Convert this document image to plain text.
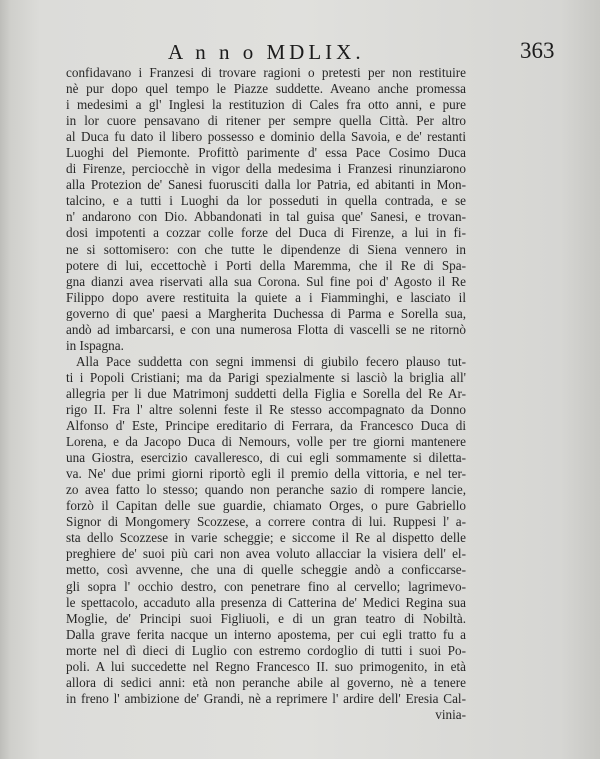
A n n o MDLIX.	363
confidavano i Franzesi di trovare ragioni o pretesti per non restituire
nè pur dopo quel tempo le Piazze suddette. Aveano anche promessa
i medesimi a gl' Inglesi la restituzion di Cales fra otto anni, e pure
in lor cuore pensavano di ritener per sempre quella Città. Per altro
al Duca fu dato il libero possesso e dominio della Savoia, e de' restanti
Luoghi del Piemonte. Profittò parimente d' essa Pace Cosimo Duca
di Firenze, perciocchè in vigor della medesima i Franzesi rinunziarono
alla Protezion de' Sanesi fuorusciti dalla lor Patria, ed abitanti in Mon-
talcino, e a tutti i Luoghi da lor posseduti in quella contrada, e se
n' andarono con Dio. Abbandonati in tal guisa que' Sanesi, e trovan-
dosi impotenti a cozzar colle forze del Duca di Firenze, a lui in fi-
ne si sottomisero: con che tutte le dipendenze di Siena vennero in
potere di lui, eccettochè i Porti della Maremma, che il Re di Spa-
gna dianzi avea riservati alla sua Corona. Sul fine poi d' Agosto il Re
Filippo dopo avere restituita la quiete a i Fiamminghi, e lasciato il
governo di que' paesi a Margherita Duchessa di Parma e Sorella sua,
andò ad imbarcarsi, e con una numerosa Flotta di vascelli se ne ritornò
in Ispagna.
Alla Pace suddetta con segni immensi di giubilo fecero plauso tut-
ti i Popoli Cristiani; ma da Parigi spezialmente si lasciò la briglia all'
allegria per li due Matrimonj suddetti della Figlia e Sorella del Re Ar-
rigo II. Fra l' altre solenni feste il Re stesso accompagnato da Donno
Alfonso d' Este, Principe ereditario di Ferrara, da Francesco Duca di
Lorena, e da Jacopo Duca di Nemours, volle per tre giorni mantenere
una Giostra, esercizio cavalleresco, di cui egli sommamente si diletta-
va. Ne' due primi giorni riportò egli il premio della vittoria, e nel ter-
zo avea fatto lo stesso; quando non peranche sazio di rompere lancie,
forzò il Capitan delle sue guardie, chiamato Orges, o pure Gabriello
Signor di Mongomery Scozzese, a correre contra di lui. Ruppesi l' a-
sta dello Scozzese in varie scheggie; e siccome il Re al dispetto delle
preghiere de' suoi più cari non avea voluto allacciar la visiera dell' el-
metto, così avvenne, che una di quelle scheggie andò a conficcarse-
gli sopra l' occhio destro, con penetrare fino al cervello; lagrimevo-
le spettacolo, accaduto alla presenza di Catterina de' Medici Regina sua
Moglie, de' Principi suoi Figliuoli, e di un gran teatro di Nobiltà.
Dalla grave ferita nacque un interno apostema, per cui egli tratto fu a
morte nel dì dieci di Luglio con estremo cordoglio di tutti i suoi Po-
poli. A lui succedette nel Regno Francesco II. suo primogenito, in età
allora di sedici anni: età non peranche abile al governo, nè a tenere
in freno l' ambizione de' Grandi, nè a reprimere l' ardire dell' Eresia Cal-
vinia-
